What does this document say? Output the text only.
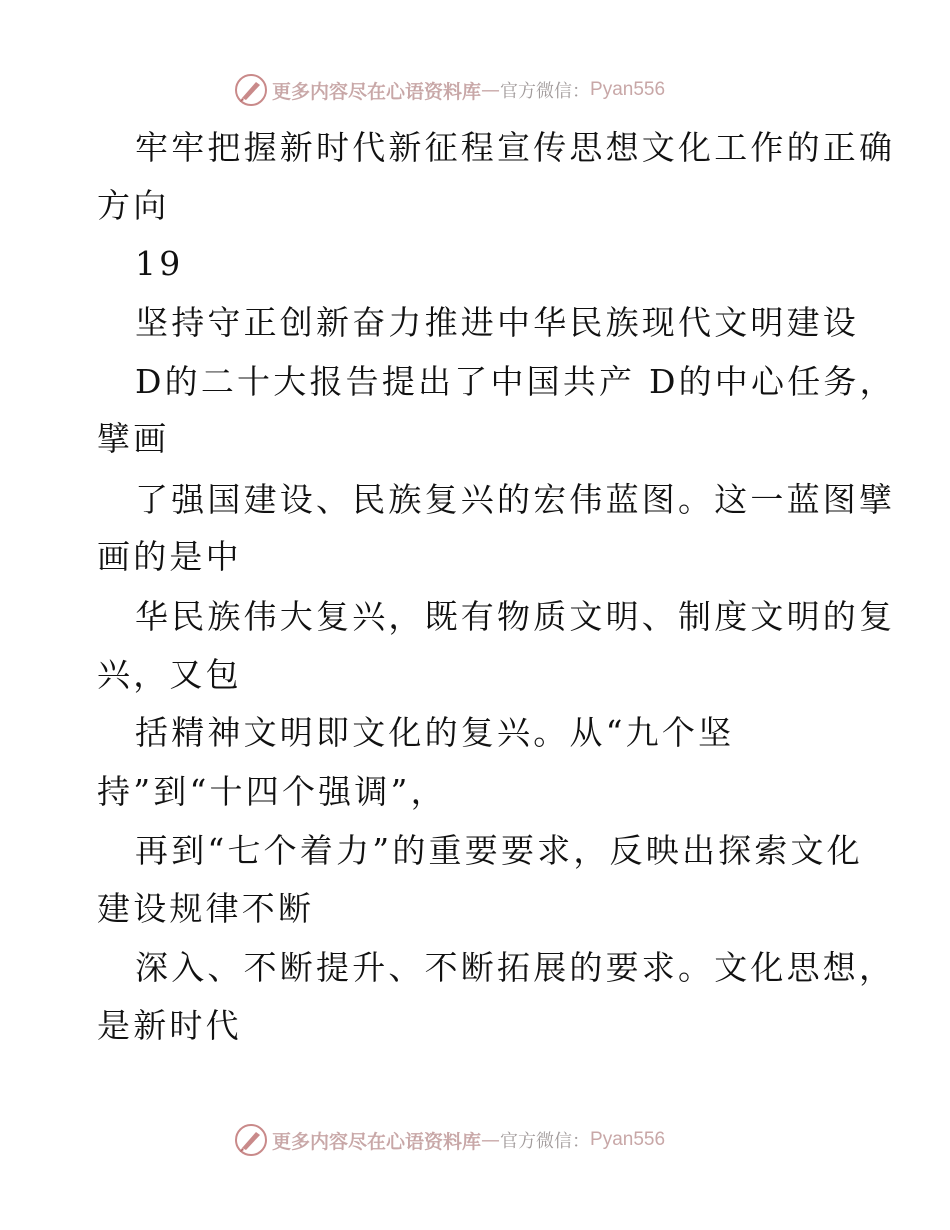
更多内容尽在心语资料库 — 官方微信： Pyan556
牢牢把握新时代新征程宣传思想文化工作的正确
方向
19
坚持守正创新奋力推进中华民族现代文明建设
D的二十大报告提出了中国共产 D的中心任务，
擘画
了强国建设、民族复兴的宏伟蓝图。这一蓝图擘
画的是中
华民族伟大复兴，既有物质文明、制度文明的复
兴，又包
括精神文明即文化的复兴。从“九个坚
持”到“十四个强调”，
再到“七个着力”的重要要求，反映出探索文化
建设规律不断
深入、不断提升、不断拓展的要求。文化思想，
是新时代
更多内容尽在心语资料库 — 官方微信： Pyan556
